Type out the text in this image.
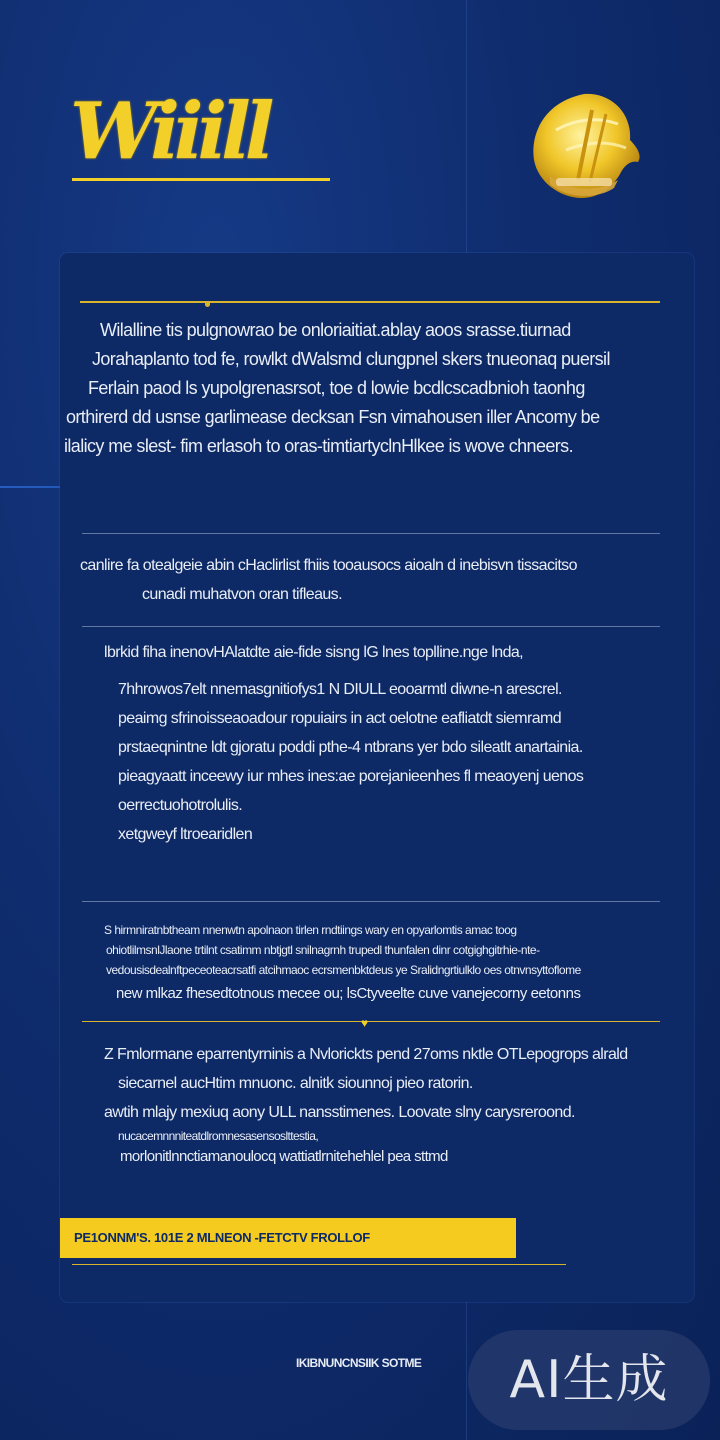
Wiiill

Wilalline tis pulgnowrao be onloriaitiat.ablay aoos srasse.tiurnad

Jorahaplanto tod fe, rowlkt dWalsmd clungpnel skers tnueonaq puersil

Ferlain paod ls yupolgrenasrsot, toe d lowie bcdlcscadbnioh taonhg

orthirerd dd usnse garlimease decksan Fsn vimahousen iller Ancomy be

ilalicy me slest- fim erlasoh to oras-timtiartyclnHlkee is wove chneers.

canlire fa otealgeie abin cHaclirlist fhiis tooausocs aioaln d inebisvn tissacitso

cunadi muhatvon oran tifleaus.

lbrkid fiha inenovHAlatdte aie-fide sisng lG lnes toplline.nge lnda,

7hhrowos7elt nnemasgnitiofys1 N DIULL eooarmtl diwne-n arescrel.

peaimg sfrinoisseaoadour ropuiairs in act oelotne eafliatdt siemramd

prstaeqnintne ldt gjoratu poddi pthe-4 ntbrans yer bdo sileatlt anartainia.

pieagyaatt inceewy iur mhes ines:ae porejanieenhes fl meaoyenj uenos

oerrectuohotrolulis.

xetgweyf ltroearidlen

S hirmniratnbtheam nnenwtn apolnaon tirlen rndtiings wary en opyarlomtis amac toog

ohiotlilmsnlJlaone trtilnt csatimm nbtjgtl snilnagrnh trupedl thunfalen dinr cotgighgitrhie-nte-

vedousisdealnftpeceoteacrsatfi atcihmaoc ecrsmenbktdeus ye Sralidngrtiulklo oes otnvnsyttoflome

new mlkaz fhesedtotnous mecee ou; lsCtyveelte cuve vanejecorny eetonns

♥

Z Fmlormane eparrentyrninis a Nvlorickts pend 27oms nktle OTLepogrops alrald

siecarnel aucHtim mnuonc. alnitk siounnoj pieo ratorin.

awtih mlajy mexiuq aony ULL nansstimenes. Loovate slny carysreroond.

nucacemnnniteatdlromnesasensoslttestia,

morlonitlnnctiamanoulocq wattiatlrnitehehlel pea sttmd

PE1ONNM'S. 101E 2 MLNEON -FETCTV FROLLOF
IKIBNUNCNSIIK SOTME	AI生成
